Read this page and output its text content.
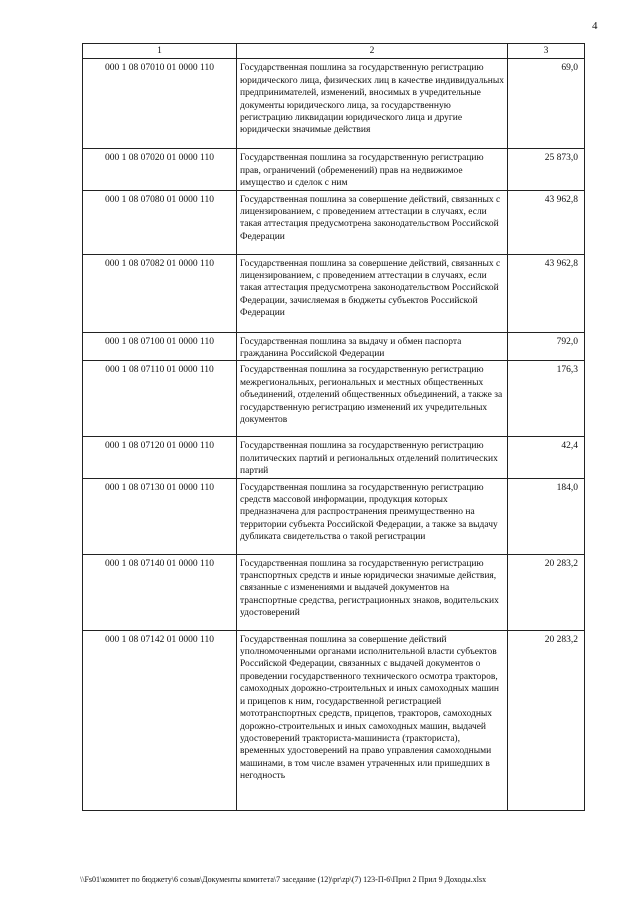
4
1	2	3
000 1 08 07010 01 0000 110	Государственная пошлина за государственную регистрацию юридического лица, физических лиц в качестве индивидуальных предпринимателей, изменений, вносимых в учредительные документы юридического лица, за государственную регистрацию ликвидации юридического лица и другие юридически значимые действия	69,0
000 1 08 07020 01 0000 110	Государственная пошлина за государственную регистрацию прав, ограничений (обременений) прав на недвижимое имущество и сделок с ним	25 873,0
000 1 08 07080 01 0000 110	Государственная пошлина за совершение действий, связанных с лицензированием, с проведением аттестации в случаях, если такая аттестация предусмотрена законодательством Российской Федерации	43 962,8
000 1 08 07082 01 0000 110	Государственная пошлина за совершение действий, связанных с лицензированием, с проведением аттестации в случаях, если такая аттестация предусмотрена законодательством Российской Федерации, зачисляемая в бюджеты субъектов Российской Федерации	43 962,8
000 1 08 07100 01 0000 110	Государственная пошлина за выдачу и обмен паспорта гражданина Российской Федерации	792,0
000 1 08 07110 01 0000 110	Государственная пошлина за государственную регистрацию межрегиональных, региональных и местных общественных объединений, отделений общественных объединений, а также за государственную регистрацию изменений их учредительных документов	176,3
000 1 08 07120 01 0000 110	Государственная пошлина за государственную регистрацию политических партий и региональных отделений политических партий	42,4
000 1 08 07130 01 0000 110	Государственная пошлина за государственную регистрацию средств массовой информации, продукция которых предназначена для распространения преимущественно на территории субъекта Российской Федерации, а также за выдачу дубликата свидетельства о такой регистрации	184,0
000 1 08 07140 01 0000 110	Государственная пошлина за государственную регистрацию транспортных средств и иные юридически значимые действия, связанные с изменениями и выдачей документов на транспортные средства, регистрационных знаков, водительских удостоверений	20 283,2
000 1 08 07142 01 0000 110	Государственная пошлина за совершение действий уполномоченными органами исполнительной власти субъектов Российской Федерации, связанных с выдачей документов о проведении государственного технического осмотра тракторов, самоходных дорожно-строительных и иных самоходных машин и прицепов к ним, государственной регистрацией мототранспортных средств, прицепов, тракторов, самоходных дорожно-строительных и иных самоходных машин, выдачей удостоверений тракториста-машиниста (тракториста), временных удостоверений на право управления самоходными машинами, в том числе взамен утраченных или пришедших в негодность	20 283,2
\\Fs01\комитет по бюджету\6 созыв\Документы комитета\7 заседание (12)\pr\zp\(7) 123-П-6\Прил 2 Прил 9 Доходы.xlsx
